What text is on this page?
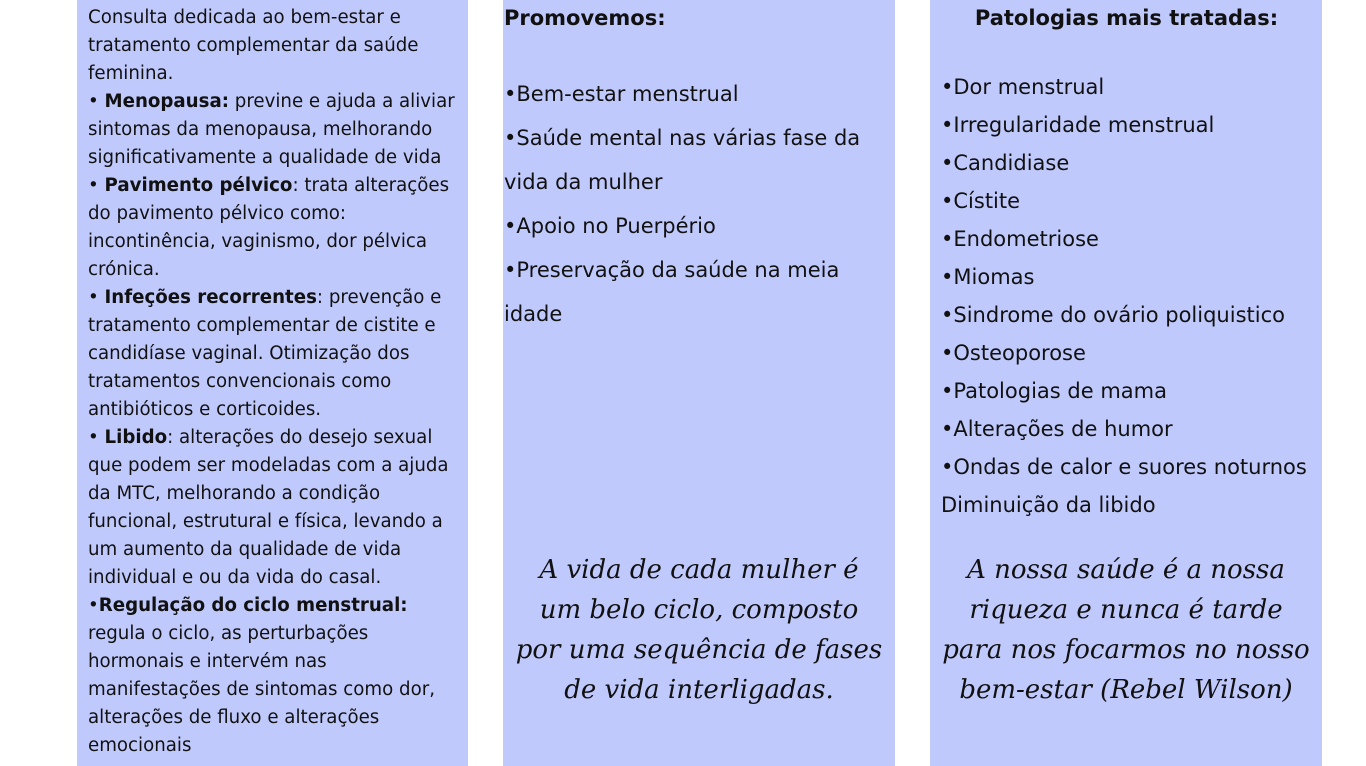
Consulta dedicada ao bem-estar e tratamento complementar da saúde feminina.

• Menopausa: previne e ajuda a aliviar sintomas da menopausa, melhorando significativamente a qualidade de vida

• Pavimento pélvico: trata alterações do pavimento pélvico como: incontinência, vaginismo, dor pélvica crónica.

• Infeções recorrentes: prevenção e tratamento complementar de cistite e candidíase vaginal. Otimização dos tratamentos convencionais como antibióticos e corticoides.

• Libido: alterações do desejo sexual que podem ser modeladas com a ajuda da MTC, melhorando a condição funcional, estrutural e física, levando a um aumento da qualidade de vida individual e ou da vida do casal.

•Regulação do ciclo menstrual: regula o ciclo, as perturbações hormonais e intervém nas manifestações de sintomas como dor, alterações de fluxo e alterações emocionais

Promovemos:
•Bem-estar menstrual
•Saúde mental nas várias fase da vida da mulher
•Apoio no Puerpério
•Preservação da saúde na meia idade
A vida de cada mulher é um belo ciclo, composto por uma sequência de fases de vida interligadas.
Patologias mais tratadas:
•Dor menstrual
•Irregularidade menstrual
•Candidiase
•Cístite
•Endometriose
•Miomas
•Sindrome do ovário poliquistico
•Osteoporose
•Patologias de mama
•Alterações de humor
•Ondas de calor e suores noturnos
Diminuição da libido
A nossa saúde é a nossa riqueza e nunca é tarde para nos focarmos no nosso bem-estar (Rebel Wilson)
